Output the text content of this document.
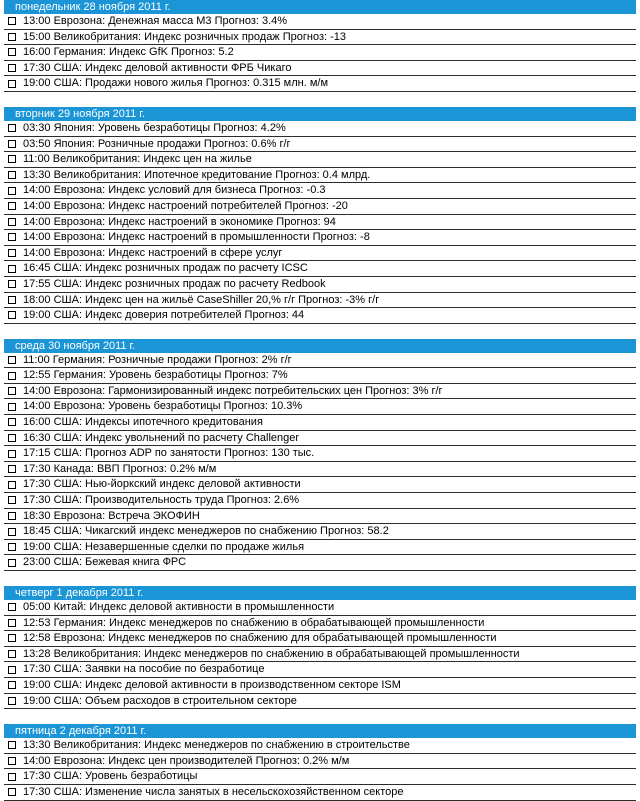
понедельник 28 ноября 2011 г.
13:00 Еврозона: Денежная масса M3 Прогноз: 3.4%
15:00 Великобритания: Индекс розничных продаж Прогноз: -13
16:00 Германия: Индекс GfK Прогноз: 5.2
17:30 США: Индекс деловой активности ФРБ Чикаго
19:00 США: Продажи нового жилья Прогноз: 0.315 млн. м/м
вторник 29 ноября 2011 г.
03:30 Япония: Уровень безработицы Прогноз: 4.2%
03:50 Япония: Розничные продажи Прогноз: 0.6% г/г
11:00 Великобритания: Индекс цен на жилье
13:30 Великобритания: Ипотечное кредитование Прогноз: 0.4 млрд.
14:00 Еврозона: Индекс условий для бизнеса Прогноз: -0.3
14:00 Еврозона: Индекс настроений потребителей Прогноз: -20
14:00 Еврозона: Индекс настроений в экономике Прогноз: 94
14:00 Еврозона: Индекс настроений в промышленности Прогноз: -8
14:00 Еврозона: Индекс настроений в сфере услуг
16:45 США: Индекс розничных продаж по расчету ICSC
17:55 США: Индекс розничных продаж по расчету Redbook
18:00 США: Индекс цен на жильё CaseShiller 20,% г/г Прогноз: -3% г/г
19:00 США: Индекс доверия потребителей Прогноз: 44
среда 30 ноября 2011 г.
11:00 Германия: Розничные продажи Прогноз: 2% г/г
12:55 Германия: Уровень безработицы Прогноз: 7%
14:00 Еврозона: Гармонизированный индекс потребительских цен Прогноз: 3% г/г
14:00 Еврозона: Уровень безработицы Прогноз: 10.3%
16:00 США: Индексы ипотечного кредитования
16:30 США: Индекс увольнений по расчету Challenger
17:15 США: Прогноз ADP по занятости Прогноз: 130 тыс.
17:30 Канада: ВВП Прогноз: 0.2% м/м
17:30 США: Нью-йоркский индекс деловой активности
17:30 США: Производительность труда Прогноз: 2.6%
18:30 Еврозона: Встреча ЭКОФИН
18:45 США: Чикагский индекс менеджеров по снабжению Прогноз: 58.2
19:00 США: Незавершенные сделки по продаже жилья
23:00 США: Бежевая книга ФРС
четверг 1 декабря 2011 г.
05:00 Китай: Индекс деловой активности в промышленности
12:53 Германия: Индекс менеджеров по снабжению в обрабатывающей промышленности
12:58 Еврозона: Индекс менеджеров по снабжению для обрабатывающей промышленности
13:28 Великобритания: Индекс менеджеров по снабжению в обрабатывающей промышленности
17:30 США: Заявки на пособие по безработице
19:00 США: Индекс деловой активности в производственном секторе ISM
19:00 США: Объем расходов в строительном секторе
пятница 2 декабря 2011 г.
13:30 Великобритания: Индекс менеджеров по снабжению в строительстве
14:00 Еврозона: Индекс цен производителей Прогноз: 0.2% м/м
17:30 США: Уровень безработицы
17:30 США: Изменение числа занятых в несельскохозяйственном секторе
